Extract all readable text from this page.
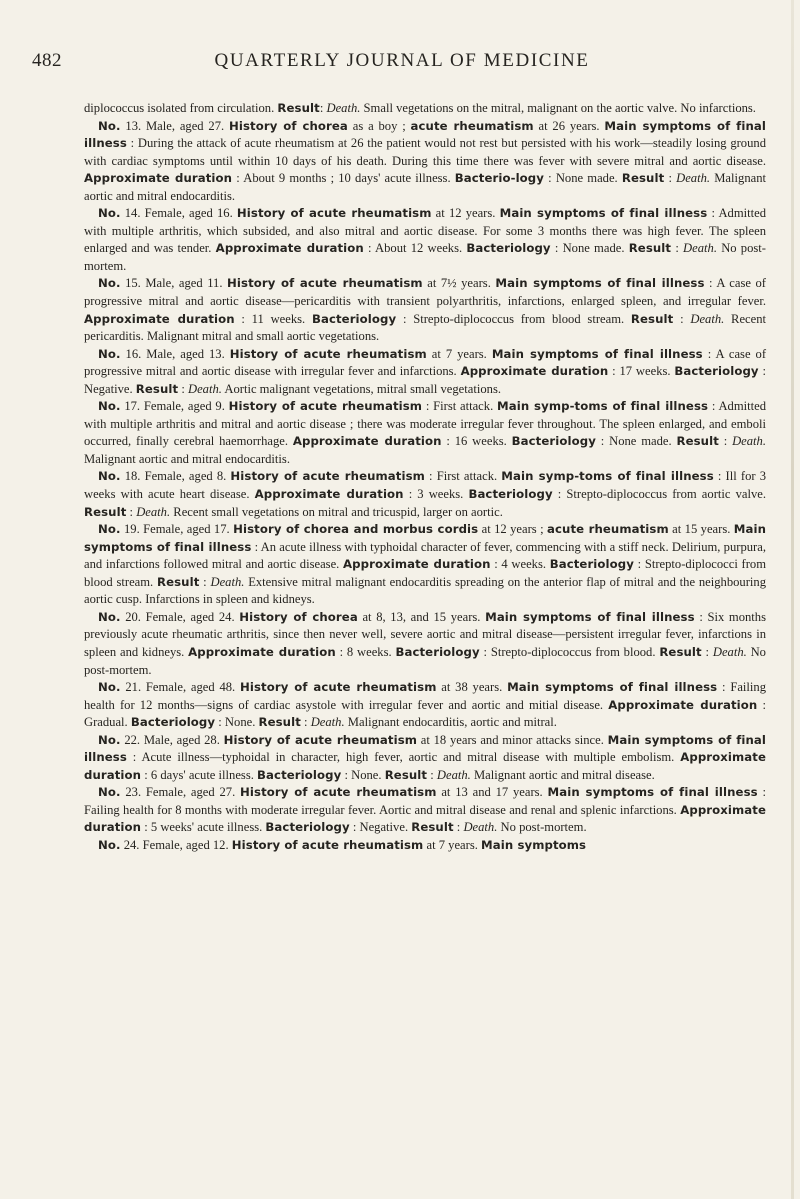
482	QUARTERLY JOURNAL OF MEDICINE

diplococcus isolated from circulation. Result: Death. Small vegetations on the mitral, malignant on the aortic valve. No infarctions.

No. 13. Male, aged 27. History of chorea as a boy ; acute rheumatism at 26 years. Main symptoms of final illness : During the attack of acute rheumatism at 26 the patient would not rest but persisted with his work—steadily losing ground with cardiac symptoms until within 10 days of his death. During this time there was fever with severe mitral and aortic disease. Approximate duration : About 9 months ; 10 days' acute illness. Bacterio-logy : None made. Result : Death. Malignant aortic and mitral endocarditis.

No. 14. Female, aged 16. History of acute rheumatism at 12 years. Main symptoms of final illness : Admitted with multiple arthritis, which subsided, and also mitral and aortic disease. For some 3 months there was high fever. The spleen enlarged and was tender. Approximate duration : About 12 weeks. Bacteriology : None made. Result : Death. No post-mortem.

No. 15. Male, aged 11. History of acute rheumatism at 7½ years. Main symptoms of final illness : A case of progressive mitral and aortic disease—pericarditis with transient polyarthritis, infarctions, enlarged spleen, and irregular fever. Approximate duration : 11 weeks. Bacteriology : Strepto-diplococcus from blood stream. Result : Death. Recent pericarditis. Malignant mitral and small aortic vegetations.

No. 16. Male, aged 13. History of acute rheumatism at 7 years. Main symptoms of final illness : A case of progressive mitral and aortic disease with irregular fever and infarctions. Approximate duration : 17 weeks. Bacteriology : Negative. Result : Death. Aortic malignant vegetations, mitral small vegetations.

No. 17. Female, aged 9. History of acute rheumatism : First attack. Main symp-toms of final illness : Admitted with multiple arthritis and mitral and aortic disease ; there was moderate irregular fever throughout. The spleen enlarged, and emboli occurred, finally cerebral haemorrhage. Approximate duration : 16 weeks. Bacteriology : None made. Result : Death. Malignant aortic and mitral endocarditis.

No. 18. Female, aged 8. History of acute rheumatism : First attack. Main symp-toms of final illness : Ill for 3 weeks with acute heart disease. Approximate duration : 3 weeks. Bacteriology : Strepto-diplococcus from aortic valve. Result : Death. Recent small vegetations on mitral and tricuspid, larger on aortic.

No. 19. Female, aged 17. History of chorea and morbus cordis at 12 years ; acute rheumatism at 15 years. Main symptoms of final illness : An acute illness with typhoidal character of fever, commencing with a stiff neck. Delirium, purpura, and infarctions followed mitral and aortic disease. Approximate duration : 4 weeks. Bacteriology : Strepto-diplococci from blood stream. Result : Death. Extensive mitral malignant endocarditis spreading on the anterior flap of mitral and the neighbouring aortic cusp. Infarctions in spleen and kidneys.

No. 20. Female, aged 24. History of chorea at 8, 13, and 15 years. Main symptoms of final illness : Six months previously acute rheumatic arthritis, since then never well, severe aortic and mitral disease—persistent irregular fever, infarctions in spleen and kidneys. Approximate duration : 8 weeks. Bacteriology : Strepto-diplococcus from blood. Result : Death. No post-mortem.

No. 21. Female, aged 48. History of acute rheumatism at 38 years. Main symptoms of final illness : Failing health for 12 months—signs of cardiac asystole with irregular fever and aortic and mitial disease. Approximate duration : Gradual. Bacteriology : None. Result : Death. Malignant endocarditis, aortic and mitral.

No. 22. Male, aged 28. History of acute rheumatism at 18 years and minor attacks since. Main symptoms of final illness : Acute illness—typhoidal in character, high fever, aortic and mitral disease with multiple embolism. Approximate duration : 6 days' acute illness. Bacteriology : None. Result : Death. Malignant aortic and mitral disease.

No. 23. Female, aged 27. History of acute rheumatism at 13 and 17 years. Main symptoms of final illness : Failing health for 8 months with moderate irregular fever. Aortic and mitral disease and renal and splenic infarctions. Approximate duration : 5 weeks' acute illness. Bacteriology : Negative. Result : Death. No post-mortem.

No. 24. Female, aged 12. History of acute rheumatism at 7 years. Main symptoms
